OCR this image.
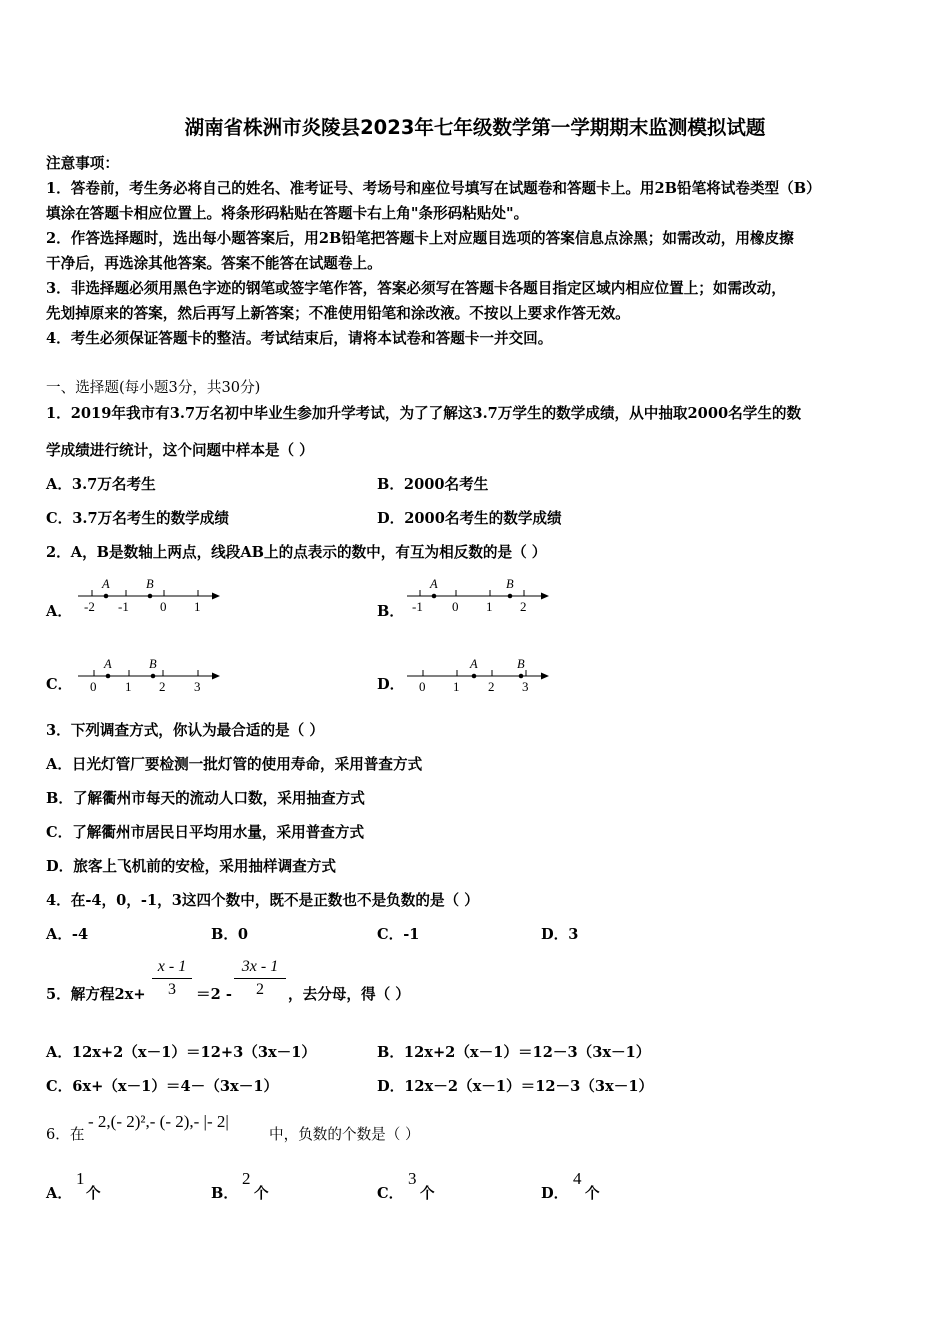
湖南省株洲市炎陵县2023年七年级数学第一学期期末监测模拟试题
注意事项：
1．答卷前，考生务必将自己的姓名、准考证号、考场号和座位号填写在试题卷和答题卡上。用2B铅笔将试卷类型（B）
填涂在答题卡相应位置上。将条形码粘贴在答题卡右上角"条形码粘贴处"。
2．作答选择题时，选出每小题答案后，用2B铅笔把答题卡上对应题目选项的答案信息点涂黑；如需改动，用橡皮擦
干净后，再选涂其他答案。答案不能答在试题卷上。
3．非选择题必须用黑色字迹的钢笔或签字笔作答，答案必须写在答题卡各题目指定区域内相应位置上；如需改动，
先划掉原来的答案，然后再写上新答案；不准使用铅笔和涂改液。不按以上要求作答无效。
4．考生必须保证答题卡的整洁。考试结束后，请将本试卷和答题卡一并交回。
一、选择题(每小题3分，共30分)
1．2019年我市有3.7万名初中毕业生参加升学考试，为了了解这3.7万学生的数学成绩，从中抽取2000名学生的数
学成绩进行统计，这个问题中样本是（ ）
A．3.7万名考生	B．2000名考生
C．3.7万名考生的数学成绩	D．2000名考生的数学成绩
2．A，B是数轴上两点，线段AB上的点表示的数中，有互为相反数的是（ ）
A．	B．
C．	D．
A	B
-2 -1 0 1
A	B
-1 0 1 2
A	B
0 1 2 3
A	B
0 1 2 3
3．下列调查方式，你认为最合适的是（ ）
A．日光灯管厂要检测一批灯管的使用寿命，采用普查方式
B．了解衢州市每天的流动人口数，采用抽查方式
C．了解衢州市居民日平均用水量，采用普查方式
D．旅客上飞机前的安检，采用抽样调查方式
4．在-4，0，-1，3这四个数中，既不是正数也不是负数的是（ ）
A．-4	B．0	C．-1	D．3
5．解方程2x+
x - 1
3	＝2 -
3x - 1
2	，去分母，得（ ）
A．12x+2（x－1）＝12+3（3x－1）	B．12x+2（x－1）＝12－3（3x－1）
C．6x+（x－1）＝4－（3x－1）	D．12x－2（x－1）＝12－3（3x－1）
6．在
- 2,(- 2)²,- (- 2),- |- 2|
中，负数的个数是（ ）
A．
1
个	B．
2
个	C．
3
个	D．
4
个
